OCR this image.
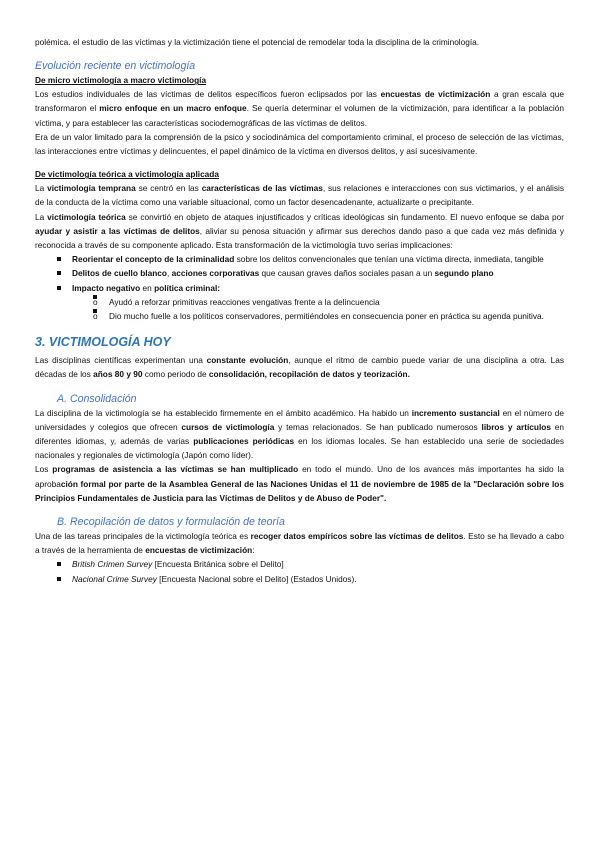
polémica. el estudio de las víctimas y la victimización tiene el potencial de remodelar toda la disciplina de la criminología.

Evolución reciente en victimología
De micro victimología a macro victimología

Los estudios individuales de las víctimas de delitos específicos fueron eclipsados por las encuestas de victimización a gran escala que transformaron el micro enfoque en un macro enfoque. Se quería determinar el volumen de la victimización, para identificar a la población víctima, y para establecer las características sociodemográficas de las víctimas de delitos.

Era de un valor limitado para la comprensión de la psico y sociodinámica del comportamiento criminal, el proceso de selección de las víctimas, las interacciones entre víctimas y delincuentes, el papel dinámico de la víctima en diversos delitos, y así sucesivamente.

De victimología teórica a victimología aplicada

La victimología temprana se centró en las características de las víctimas, sus relaciones e interacciones con sus victimarios, y el análisis de la conducta de la víctima como una variable situacional, como un factor desencadenante, actualizarte o precipitante.

La victimología teórica se convirtió en objeto de ataques injustificados y críticas ideológicas sin fundamento. El nuevo enfoque se daba por ayudar y asistir a las víctimas de delitos, aliviar su penosa situación y afirmar sus derechos dando paso a que cada vez más definida y reconocida a través de su componente aplicado. Esta transformación de la victimología tuvo serias implicaciones:

Reorientar el concepto de la criminalidad sobre los delitos convencionales que tenían una víctima directa, inmediata, tangible
Delitos de cuello blanco, acciones corporativas que causan graves daños sociales pasan a un segundo plano
Impacto negativo en política criminal:
o Ayudó a reforzar primitivas reacciones vengativas frente a la delincuencia
o Dio mucho fuelle a los políticos conservadores, permitiéndoles en consecuencia poner en práctica su agenda punitiva.
3. VICTIMOLOGÍA HOY

Las disciplinas científicas experimentan una constante evolución, aunque el ritmo de cambio puede variar de una disciplina a otra. Las décadas de los años 80 y 90 como periodo de consolidación, recopilación de datos y teorización.

A. Consolidación

La disciplina de la victimología se ha establecido firmemente en el ámbito académico. Ha habido un incremento sustancial en el número de universidades y colegios que ofrecen cursos de victimología y temas relacionados. Se han publicado numerosos libros y artículos en diferentes idiomas, y, además de varias publicaciones periódicas en los idiomas locales. Se han establecido una serie de sociedades nacionales y regionales de victimología (Japón como líder).

Los programas de asistencia a las víctimas se han multiplicado en todo el mundo. Uno de los avances más importantes ha sido la aprobación formal por parte de la Asamblea General de las Naciones Unidas el 11 de noviembre de 1985 de la "Declaración sobre los Principios Fundamentales de Justicia para las Víctimas de Delitos y de Abuso de Poder".

B. Recopilación de datos y formulación de teoría

Una de las tareas principales de la victimología teórica es recoger datos empíricos sobre las víctimas de delitos. Esto se ha llevado a cabo a través de la herramienta de encuestas de victimización:

British Crimen Survey [Encuesta Británica sobre el Delito]
Nacional Crime Survey [Encuesta Nacional sobre el Delito] (Estados Unidos).
